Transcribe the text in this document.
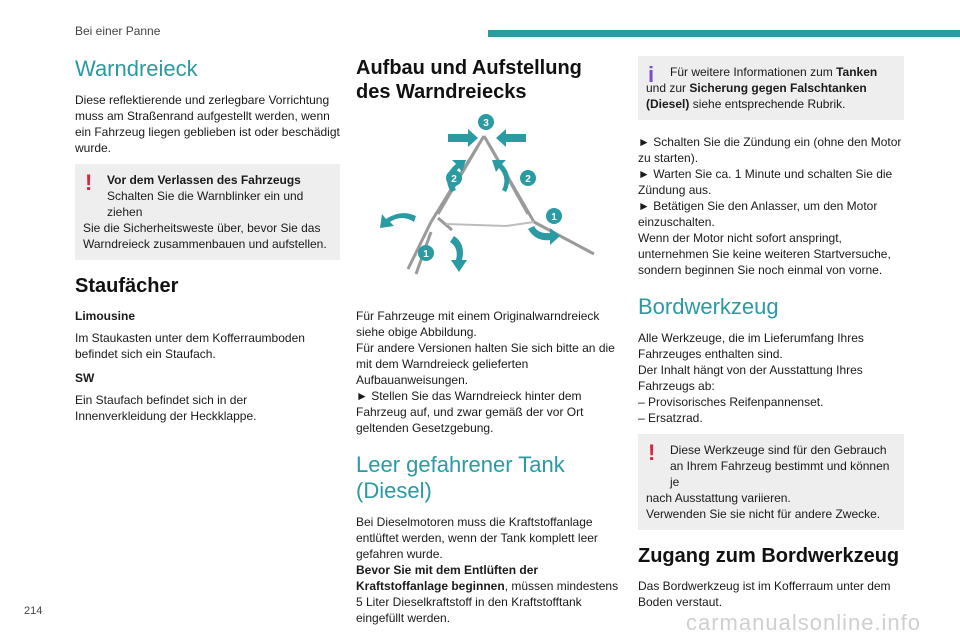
Bei einer Panne
Warndreieck

Diese reflektierende und zerlegbare Vorrichtung muss am Straßenrand aufgestellt werden, wenn ein Fahrzeug liegen geblieben ist oder beschädigt wurde.

!	Vor dem Verlassen des Fahrzeugs
Schalten Sie die Warnblinker ein und ziehen

Sie die Sicherheitsweste über, bevor Sie das Warndreieck zusammenbauen und aufstellen.

Staufächer

Limousine

Im Staukasten unter dem Kofferraumboden befindet sich ein Staufach.

SW

Ein Staufach befindet sich in der Innenverkleidung der Heckklappe.

Aufbau und Aufstellung des Warndreiecks
3
2	2
1
1

Für Fahrzeuge mit einem Originalwarndreieck siehe obige Abbildung.

Für andere Versionen halten Sie sich bitte an die mit dem Warndreieck gelieferten Aufbauanweisungen.

► Stellen Sie das Warndreieck hinter dem Fahrzeug auf, und zwar gemäß der vor Ort geltenden Gesetzgebung.

Leer gefahrener Tank (Diesel)

Bei Dieselmotoren muss die Kraftstoffanlage entlüftet werden, wenn der Tank komplett leer gefahren wurde.

Bevor Sie mit dem Entlüften der Kraftstoffanlage beginnen, müssen mindestens 5 Liter Dieselkraftstoff in den Kraftstofftank eingefüllt werden.

i	Für weitere Informationen zum Tanken und zur Sicherung gegen Falschtanken (Diesel) siehe entsprechende Rubrik.

► Schalten Sie die Zündung ein (ohne den Motor zu starten).

► Warten Sie ca. 1 Minute und schalten Sie die Zündung aus.

► Betätigen Sie den Anlasser, um den Motor einzuschalten.

Wenn der Motor nicht sofort anspringt, unternehmen Sie keine weiteren Startversuche, sondern beginnen Sie noch einmal von vorne.

Bordwerkzeug

Alle Werkzeuge, die im Lieferumfang Ihres Fahrzeuges enthalten sind.

Der Inhalt hängt von der Ausstattung Ihres Fahrzeugs ab:

– Provisorisches Reifenpannenset.

– Ersatzrad.

!	Diese Werkzeuge sind für den Gebrauch an Ihrem Fahrzeug bestimmt und können je

nach Ausstattung variieren.

Verwenden Sie sie nicht für andere Zwecke.

Zugang zum Bordwerkzeug

Das Bordwerkzeug ist im Kofferraum unter dem Boden verstaut.

214	carmanualsonline.info
